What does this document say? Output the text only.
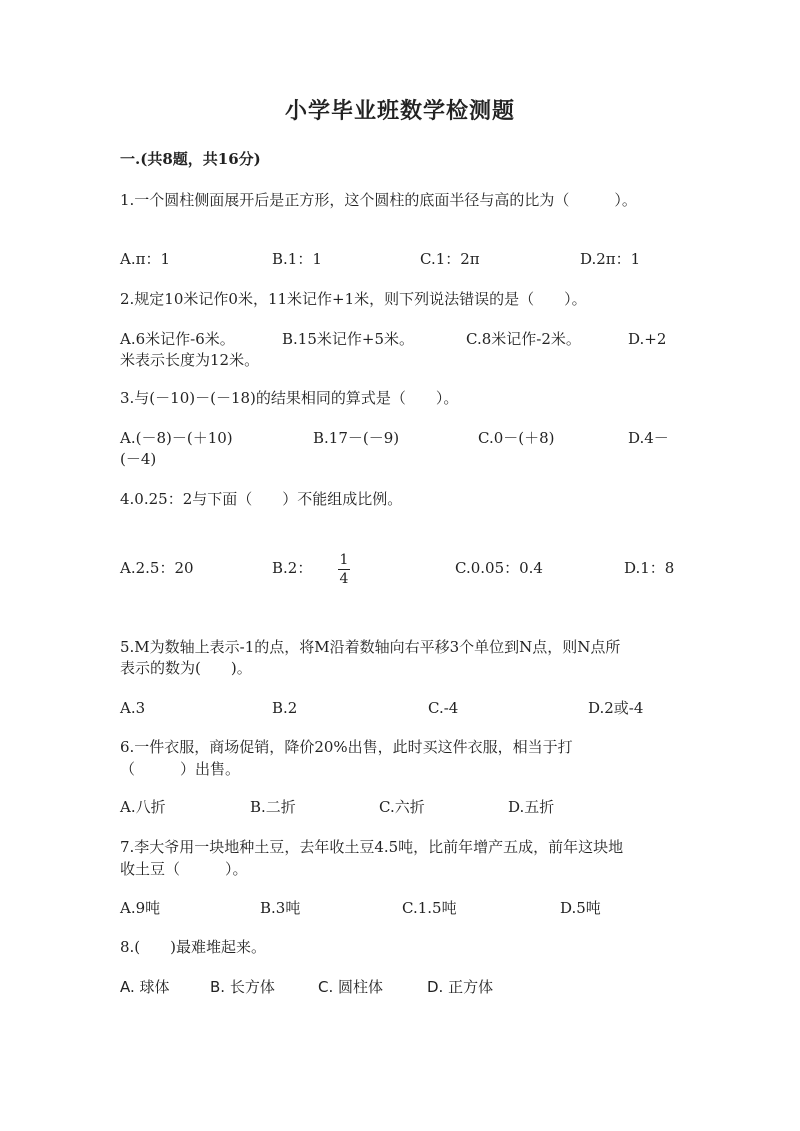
小学毕业班数学检测题
一.(共8题，共16分)
1.一个圆柱侧面展开后是正方形，这个圆柱的底面半径与高的比为（　　　）。
A.π：1	B.1：1	C.1：2π	D.2π：1
2.规定10米记作0米，11米记作+1米，则下列说法错误的是（　　）。
A.6米记作-6米。	B.15米记作+5米。	C.8米记作-2米。	D.+2
米表示长度为12米。
3.与(－10)－(－18)的结果相同的算式是（　　）。
A.(－8)－(＋10)	B.17－(－9)	C.0－(＋8)	D.4－
(－4)
4.0.25：2与下面（　　）不能组成比例。
A.2.5：20	B.2： 1
4
C.0.05：0.4	D.1：8
5.M为数轴上表示-1的点，将M沿着数轴向右平移3个单位到N点，则N点所
表示的数为(　　)。
A.3	B.2	C.-4	D.2或-4
6.一件衣服，商场促销，降价20%出售，此时买这件衣服，相当于打
（　　　）出售。
A.八折	B.二折	C.六折	D.五折
7.李大爷用一块地种土豆，去年收土豆4.5吨，比前年增产五成，前年这块地
收土豆（　　　）。
A.9吨	B.3吨	C.1.5吨	D.5吨
8.(　　)最难堆起来。
A. 球体	B. 长方体	C. 圆柱体	D. 正方体
